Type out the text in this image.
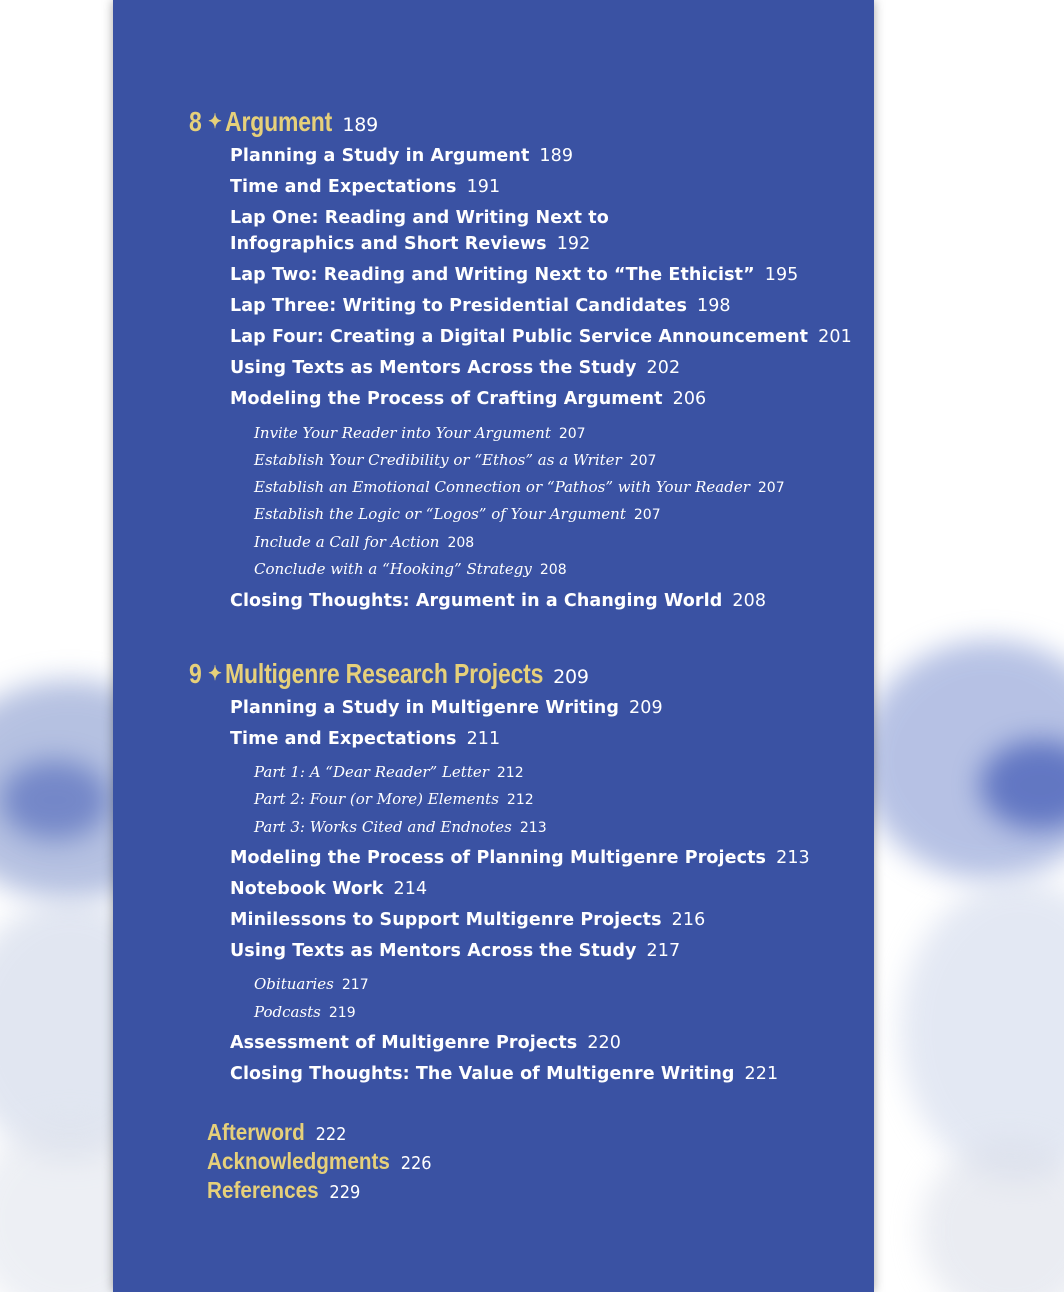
8 ✦ Argument 189
Planning a Study in Argument 189
Time and Expectations 191
Lap One: Reading and Writing Next to
Infographics and Short Reviews 192
Lap Two: Reading and Writing Next to “The Ethicist” 195
Lap Three: Writing to Presidential Candidates 198
Lap Four: Creating a Digital Public Service Announcement 201
Using Texts as Mentors Across the Study 202
Modeling the Process of Crafting Argument 206
Invite Your Reader into Your Argument 207
Establish Your Credibility or “Ethos” as a Writer 207
Establish an Emotional Connection or “Pathos” with Your Reader 207
Establish the Logic or “Logos” of Your Argument 207
Include a Call for Action 208
Conclude with a “Hooking” Strategy 208
Closing Thoughts: Argument in a Changing World 208
9 ✦ Multigenre Research Projects 209
Planning a Study in Multigenre Writing 209
Time and Expectations 211
Part 1: A “Dear Reader” Letter 212
Part 2: Four (or More) Elements 212
Part 3: Works Cited and Endnotes 213
Modeling the Process of Planning Multigenre Projects 213
Notebook Work 214
Minilessons to Support Multigenre Projects 216
Using Texts as Mentors Across the Study 217
Obituaries 217
Podcasts 219
Assessment of Multigenre Projects 220
Closing Thoughts: The Value of Multigenre Writing 221
Afterword 222
Acknowledgments 226
References 229
